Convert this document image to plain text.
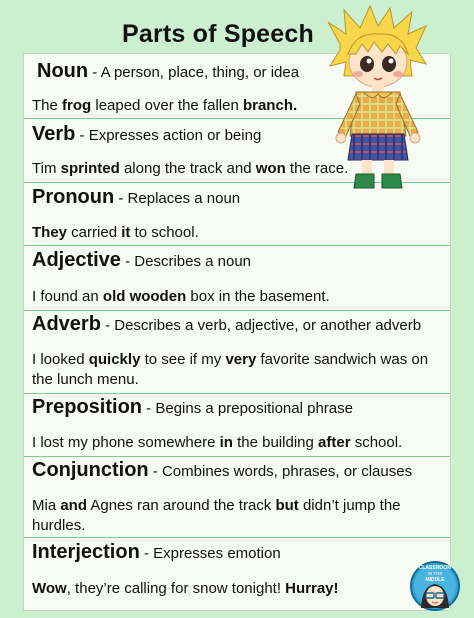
Parts of Speech
Noun - A person, place, thing, or idea
The frog leaped over the fallen branch.
Verb - Expresses action or being
Tim sprinted along the track and won the race.
Pronoun - Replaces a noun
They carried it to school.
Adjective - Describes a noun
I found an old wooden box in the basement.
Adverb - Describes a verb, adjective, or another adverb
I looked quickly to see if my very favorite sandwich was on the lunch menu.
Preposition - Begins a prepositional phrase
I lost my phone somewhere in the building after school.
Conjunction - Combines words, phrases, or clauses
Mia and Agnes ran around the track but didn’t jump the hurdles.
Interjection - Expresses emotion
Wow, they’re calling for snow tonight! Hurray!
CLASSROOM
IN THE
MIDDLE
